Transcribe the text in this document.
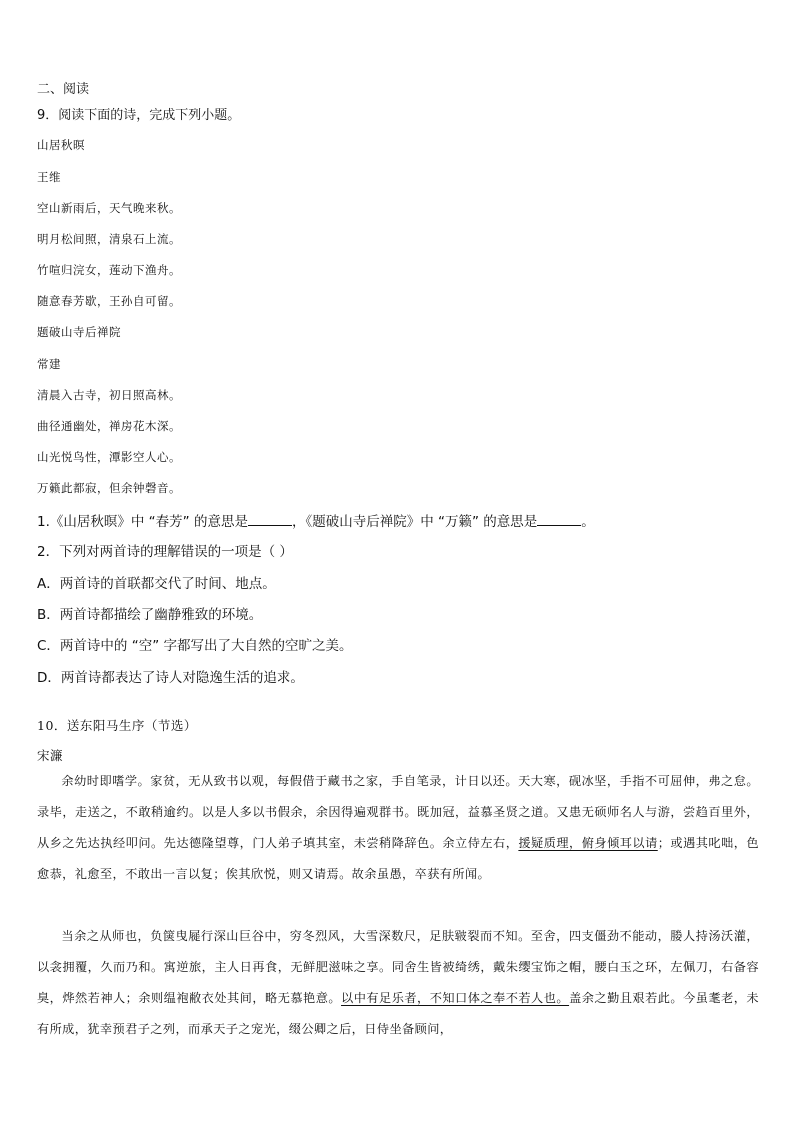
二、阅读
9．阅读下面的诗，完成下列小题。
山居秋暝
王维
空山新雨后，天气晚来秋。
明月松间照，清泉石上流。
竹喧归浣女，莲动下渔舟。
随意春芳歇，王孙自可留。
题破山寺后禅院
常建
清晨入古寺，初日照高林。
曲径通幽处，禅房花木深。
山光悦鸟性，潭影空人心。
万籁此都寂，但余钟磬音。
1.《山居秋暝》中 “春芳” 的意思是	，《题破山寺后禅院》中 “万籁” 的意思是	。
2．下列对两首诗的理解错误的一项是（ ）
A．两首诗的首联都交代了时间、地点。
B．两首诗都描绘了幽静雅致的环境。
C．两首诗中的 “空” 字都写出了大自然的空旷之美。
D．两首诗都表达了诗人对隐逸生活的追求。
10．送东阳马生序（节选）
宋濂
余幼时即嗜学。家贫，无从致书以观，每假借于藏书之家，手自笔录，计日以还。天大寒，砚冰坚，手指不可屈伸，弗之怠。录毕，走送之，不敢稍逾约。以是人多以书假余，余因得遍观群书。既加冠，益慕圣贤之道。又患无硕师名人与游，尝趋百里外，从乡之先达执经叩问。先达德隆望尊，门人弟子填其室，未尝稍降辞色。余立侍左右，援疑质理，俯身倾耳以请；或遇其叱咄，色愈恭，礼愈至，不敢出一言以复；俟其欣悦，则又请焉。故余虽愚，卒获有所闻。
当余之从师也，负箧曳屣行深山巨谷中，穷冬烈风，大雪深数尺，足肤皲裂而不知。至舍，四支僵劲不能动，媵人持汤沃灌，以衾拥覆，久而乃和。寓逆旅，主人日再食，无鲜肥滋味之享。同舍生皆被绮绣，戴朱缨宝饰之帽，腰白玉之环，左佩刀，右备容臭，烨然若神人；余则缊袍敝衣处其间，略无慕艳意。以中有足乐者，不知口体之奉不若人也。盖余之勤且艰若此。今虽耄老，未有所成，犹幸预君子之列，而承天子之宠光，缀公卿之后，日侍坐备顾问，
